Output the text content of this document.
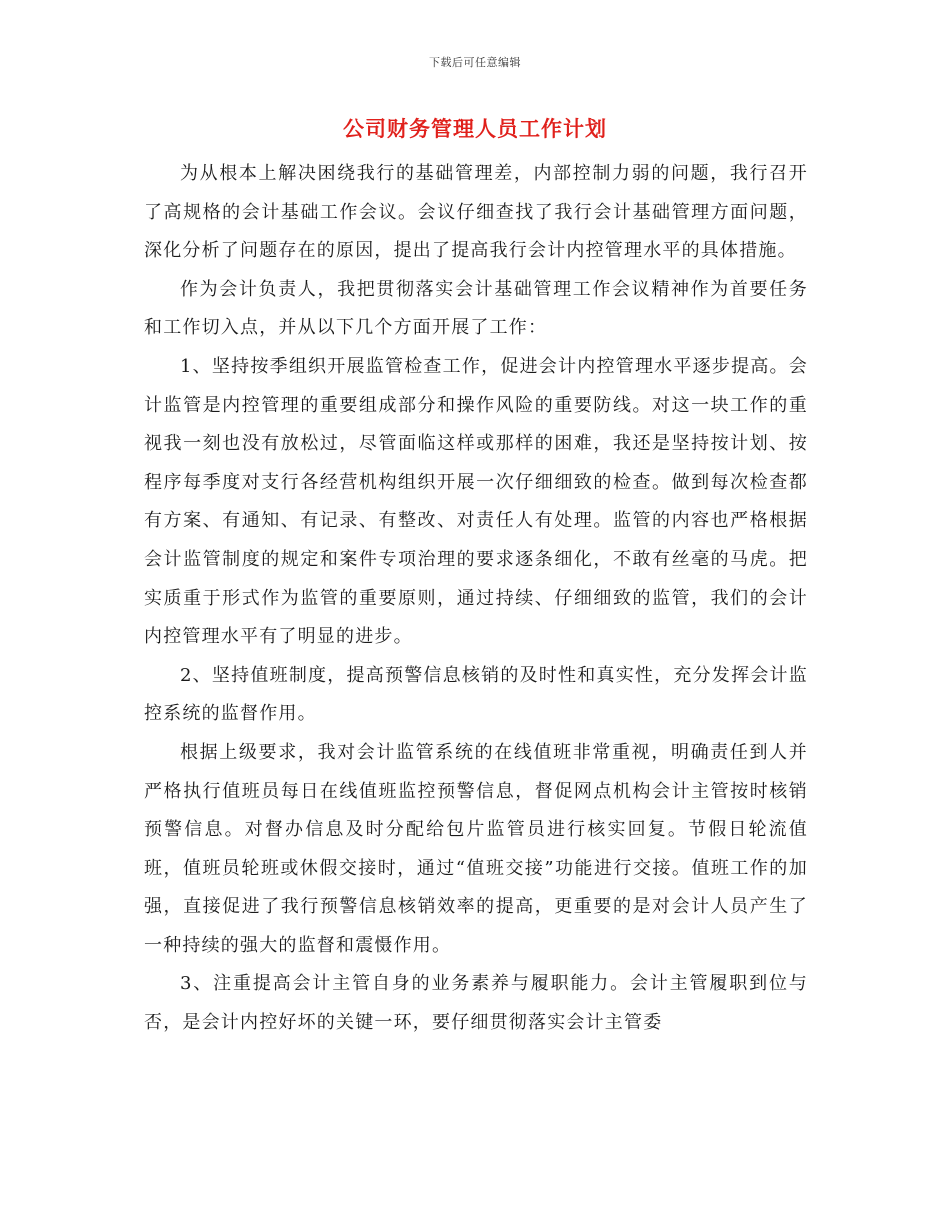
下载后可任意编辑
公司财务管理人员工作计划

为从根本上解决困绕我行的基础管理差，内部控制力弱的问题，我行召开了高规格的会计基础工作会议。会议仔细查找了我行会计基础管理方面问题，深化分析了问题存在的原因，提出了提高我行会计内控管理水平的具体措施。

作为会计负责人，我把贯彻落实会计基础管理工作会议精神作为首要任务和工作切入点，并从以下几个方面开展了工作：

1、坚持按季组织开展监管检查工作，促进会计内控管理水平逐步提高。会计监管是内控管理的重要组成部分和操作风险的重要防线。对这一块工作的重视我一刻也没有放松过，尽管面临这样或那样的困难，我还是坚持按计划、按程序每季度对支行各经营机构组织开展一次仔细细致的检查。做到每次检查都有方案、有通知、有记录、有整改、对责任人有处理。监管的内容也严格根据会计监管制度的规定和案件专项治理的要求逐条细化，不敢有丝毫的马虎。把实质重于形式作为监管的重要原则，通过持续、仔细细致的监管，我们的会计内控管理水平有了明显的进步。

2、坚持值班制度，提高预警信息核销的及时性和真实性，充分发挥会计监控系统的监督作用。

根据上级要求，我对会计监管系统的在线值班非常重视，明确责任到人并严格执行值班员每日在线值班监控预警信息，督促网点机构会计主管按时核销预警信息。对督办信息及时分配给包片监管员进行核实回复。节假日轮流值班，值班员轮班或休假交接时，通过“值班交接”功能进行交接。值班工作的加强，直接促进了我行预警信息核销效率的提高，更重要的是对会计人员产生了一种持续的强大的监督和震慑作用。

3、注重提高会计主管自身的业务素养与履职能力。会计主管履职到位与否，是会计内控好坏的关键一环，要仔细贯彻落实会计主管委
